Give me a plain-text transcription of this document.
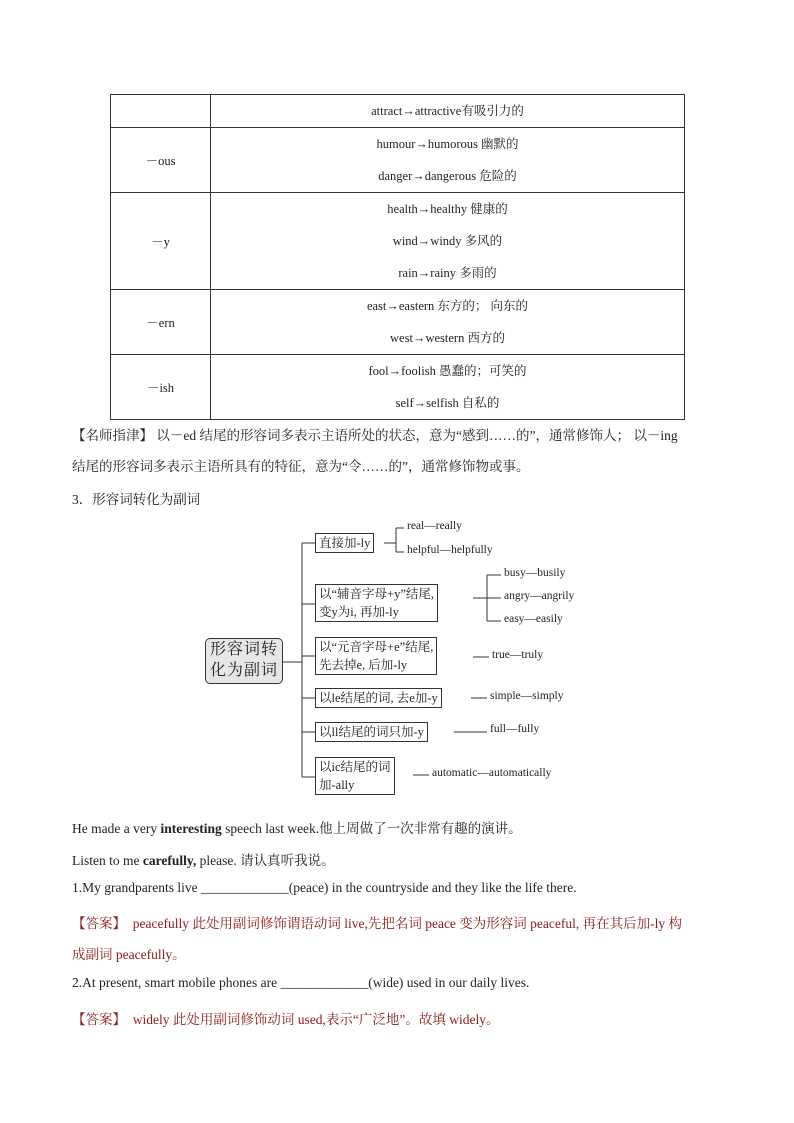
	attract→attractive有吸引力的

－ous	humour→humorous 幽默的
danger→dangerous 危险的

－y	health→healthy 健康的
wind→windy 多风的
rain→rainy 多雨的

－ern	east→eastern 东方的； 向东的
west→western 西方的

－ish	fool→foolish 愚蠢的；可笑的
self→selfish 自私的
【名师指津】 以－ed 结尾的形容词多表示主语所处的状态，意为“感到……的”，通常修饰人； 以－ing
结尾的形容词多表示主语所具有的特征，意为“令……的”，通常修饰物或事。
3．形容词转化为副词
形容词转
化为副词
直接加-ly
以“辅音字母+y”结尾,
变y为i, 再加-ly
以“元音字母+e”结尾,
先去掉e, 后加-ly
以le结尾的词, 去e加-y
以ll结尾的词只加-y
以ic结尾的词
加-ally
real—really
helpful—helpfully
busy—busily
angry—angrily
easy—easily
true—truly
simple—simply
full—fully
automatic—automatically
He made a very interesting speech last week.他上周做了一次非常有趣的演讲。
Listen to me carefully, please. 请认真听我说。
1.My grandparents live _____________(peace) in the countryside and they like the life there.
【答案】 peacefully 此处用副词修饰谓语动词 live,先把名词 peace 变为形容词 peaceful, 再在其后加-ly 构
成副词 peacefully。
2.At present, smart mobile phones are _____________(wide) used in our daily lives.
【答案】 widely 此处用副词修饰动词 used,表示“广泛地”。故填 widely。
